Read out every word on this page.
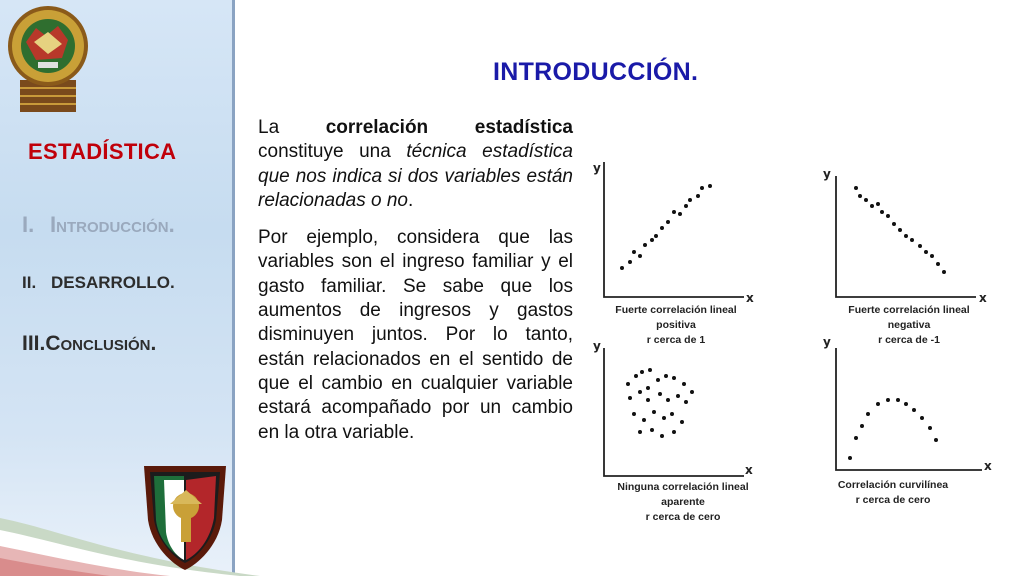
ESTADÍSTICA
I. Introducción.
II. DESARROLLO.
III.Conclusión.
INTRODUCCIÓN.

La correlación estadística constituye una técnica estadística que nos indica si dos variables están relacionadas o no.

Por ejemplo, considera que las variables son el ingreso familiar y el gasto familiar. Se sabe que los aumentos de ingresos y gastos disminuyen juntos. Por lo tanto, están relacionados en el sentido de que el cambio en cualquier variable estará acompañado por un cambio en la otra variable.

y
x
y
x
y
x
y
x
Fuerte correlación lineal positiva
r cerca de 1
Fuerte correlación lineal negativa
r cerca de -1
Ninguna correlación lineal aparente
r cerca de cero
Correlación curvilínea
r cerca de cero
